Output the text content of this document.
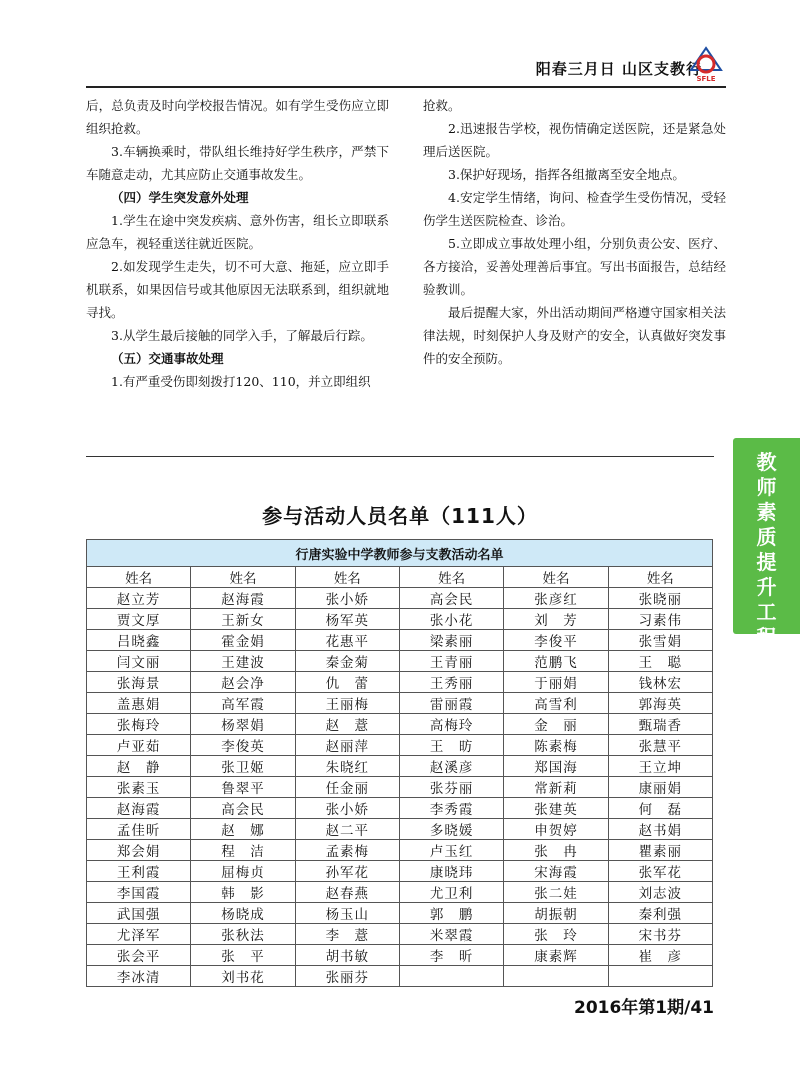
阳春三月日 山区支教行
SFLE

后，总负责及时向学校报告情况。如有学生受伤应立即组织抢救。

3.车辆换乘时，带队组长维持好学生秩序，严禁下车随意走动，尤其应防止交通事故发生。

（四）学生突发意外处理

1.学生在途中突发疾病、意外伤害，组长立即联系应急车，视轻重送往就近医院。

2.如发现学生走失，切不可大意、拖延，应立即手机联系，如果因信号或其他原因无法联系到，组织就地寻找。

3.从学生最后接触的同学入手，了解最后行踪。

（五）交通事故处理

1.有严重受伤即刻拨打120、110，并立即组织

抢救。

2.迅速报告学校，视伤情确定送医院，还是紧急处理后送医院。

3.保护好现场，指挥各组撤离至安全地点。

4.安定学生情绪，询问、检查学生受伤情况，受轻伤学生送医院检查、诊治。

5.立即成立事故处理小组，分别负责公安、医疗、各方接洽，妥善处理善后事宜。写出书面报告，总结经验教训。

最后提醒大家，外出活动期间严格遵守国家相关法律法规，时刻保护人身及财产的安全，认真做好突发事件的安全预防。

教
师
素
质
提
升
工
程
参与活动人员名单（111人）
行唐实验中学教师参与支教活动名单					
姓名	姓名	姓名	姓名	姓名	姓名
赵立芳	赵海霞	张小娇	高会民	张彦红	张晓丽
贾文厚	王新女	杨军英	张小花	刘　芳	习素伟
吕晓鑫	霍金娟	花惠平	梁素丽	李俊平	张雪娟
闫文丽	王建波	秦金菊	王青丽	范鹏飞	王　聪
张海景	赵会净	仇　蕾	王秀丽	于丽娟	钱林宏
盖惠娟	高军霞	王丽梅	雷丽霞	高雪利	郭海英
张梅玲	杨翠娟	赵　薏	高梅玲	金　丽	甄瑞香
卢亚茹	李俊英	赵丽萍	王　昉	陈素梅	张慧平
赵　静	张卫姬	朱晓红	赵溪彦	郑国海	王立坤
张素玉	鲁翠平	任金丽	张芬丽	常新莉	康丽娟
赵海霞	高会民	张小娇	李秀霞	张建英	何　磊
孟佳昕	赵　娜	赵二平	多晓媛	申贺婷	赵书娟
郑会娟	程　洁	孟素梅	卢玉红	张　冉	瞿素丽
王利霞	屈梅贞	孙军花	康晓玮	宋海霞	张军花
李国霞	韩　影	赵春燕	尤卫利	张二娃	刘志波
武国强	杨晓成	杨玉山	郭　鹏	胡振朝	秦利强
尤泽军	张秋法	李　薏	米翠霞	张　玲	宋书芬
张会平	张　平	胡书敏	李　昕	康素辉	崔　彦
李冰清	刘书花	张丽芬			
2016年第1期/41
